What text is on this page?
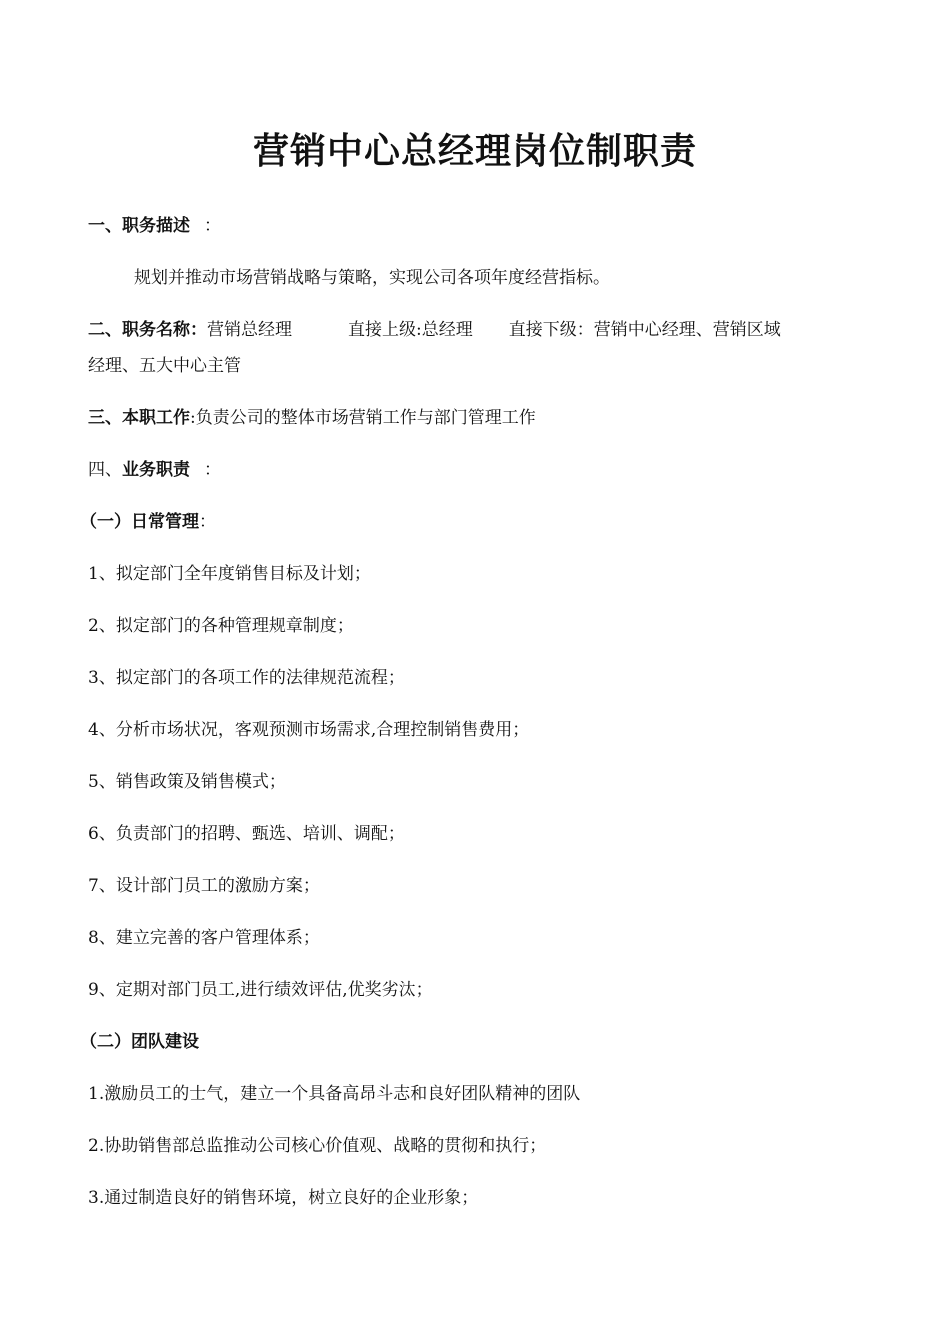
营销中心总经理岗位制职责
一、职务描述 ：
规划并推动市场营销战略与策略，实现公司各项年度经营指标。
二、职务名称：营销总经理	直接上级:总经理 直接下级：营销中心经理、营销区域
经理、五大中心主管
三、本职工作:负责公司的整体市场营销工作与部门管理工作
四、业务职责 ：
（一）日常管理：
1、拟定部门全年度销售目标及计划；
2、拟定部门的各种管理规章制度；
3、拟定部门的各项工作的法律规范流程；
4、分析市场状况，客观预测市场需求,合理控制销售费用；
5、销售政策及销售模式；
6、负责部门的招聘、甄选、培训、调配；
7、设计部门员工的激励方案；
8、建立完善的客户管理体系；
9、定期对部门员工,进行绩效评估,优奖劣汰；
（二）团队建设
1.激励员工的士气，建立一个具备高昂斗志和良好团队精神的团队
2.协助销售部总监推动公司核心价值观、战略的贯彻和执行；
3.通过制造良好的销售环境，树立良好的企业形象；
